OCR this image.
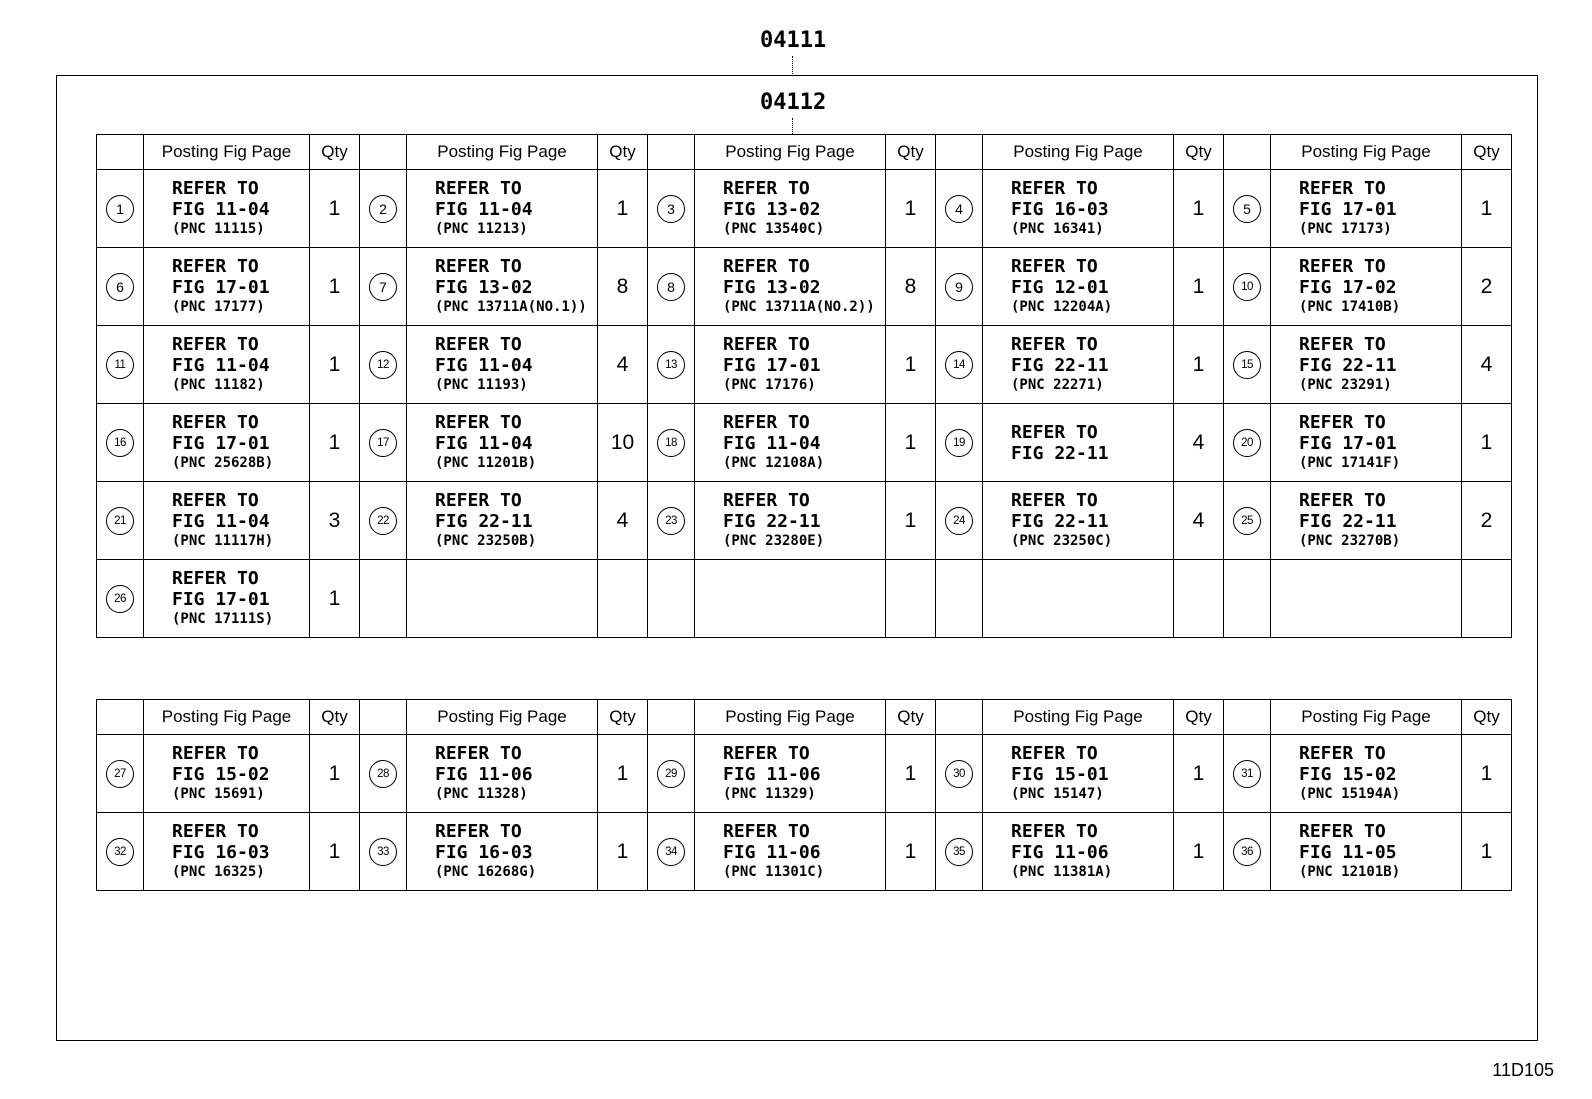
04111
04112
	Posting Fig Page	Qty		Posting Fig Page	Qty		Posting Fig Page	Qty		Posting Fig Page	Qty		Posting Fig Page	Qty
1	REFER TO
FIG 11-04
(PNC 11115)	1	2	REFER TO
FIG 11-04
(PNC 11213)	1	3	REFER TO
FIG 13-02
(PNC 13540C)	1	4	REFER TO
FIG 16-03
(PNC 16341)	1	5	REFER TO
FIG 17-01
(PNC 17173)	1
6	REFER TO
FIG 17-01
(PNC 17177)	1	7	REFER TO
FIG 13-02
(PNC 13711A(NO.1))	8	8	REFER TO
FIG 13-02
(PNC 13711A(NO.2))	8	9	REFER TO
FIG 12-01
(PNC 12204A)	1	10	REFER TO
FIG 17-02
(PNC 17410B)	2
11	REFER TO
FIG 11-04
(PNC 11182)	1	12	REFER TO
FIG 11-04
(PNC 11193)	4	13	REFER TO
FIG 17-01
(PNC 17176)	1	14	REFER TO
FIG 22-11
(PNC 22271)	1	15	REFER TO
FIG 22-11
(PNC 23291)	4
16	REFER TO
FIG 17-01
(PNC 25628B)	1	17	REFER TO
FIG 11-04
(PNC 11201B)	10	18	REFER TO
FIG 11-04
(PNC 12108A)	1	19	REFER TO
FIG 22-11	4	20	REFER TO
FIG 17-01
(PNC 17141F)	1
21	REFER TO
FIG 11-04
(PNC 11117H)	3	22	REFER TO
FIG 22-11
(PNC 23250B)	4	23	REFER TO
FIG 22-11
(PNC 23280E)	1	24	REFER TO
FIG 22-11
(PNC 23250C)	4	25	REFER TO
FIG 22-11
(PNC 23270B)	2
26	REFER TO
FIG 17-01
(PNC 17111S)	1												
	Posting Fig Page	Qty		Posting Fig Page	Qty		Posting Fig Page	Qty		Posting Fig Page	Qty		Posting Fig Page	Qty
27	REFER TO
FIG 15-02
(PNC 15691)	1	28	REFER TO
FIG 11-06
(PNC 11328)	1	29	REFER TO
FIG 11-06
(PNC 11329)	1	30	REFER TO
FIG 15-01
(PNC 15147)	1	31	REFER TO
FIG 15-02
(PNC 15194A)	1
32	REFER TO
FIG 16-03
(PNC 16325)	1	33	REFER TO
FIG 16-03
(PNC 16268G)	1	34	REFER TO
FIG 11-06
(PNC 11301C)	1	35	REFER TO
FIG 11-06
(PNC 11381A)	1	36	REFER TO
FIG 11-05
(PNC 12101B)	1
11D105
